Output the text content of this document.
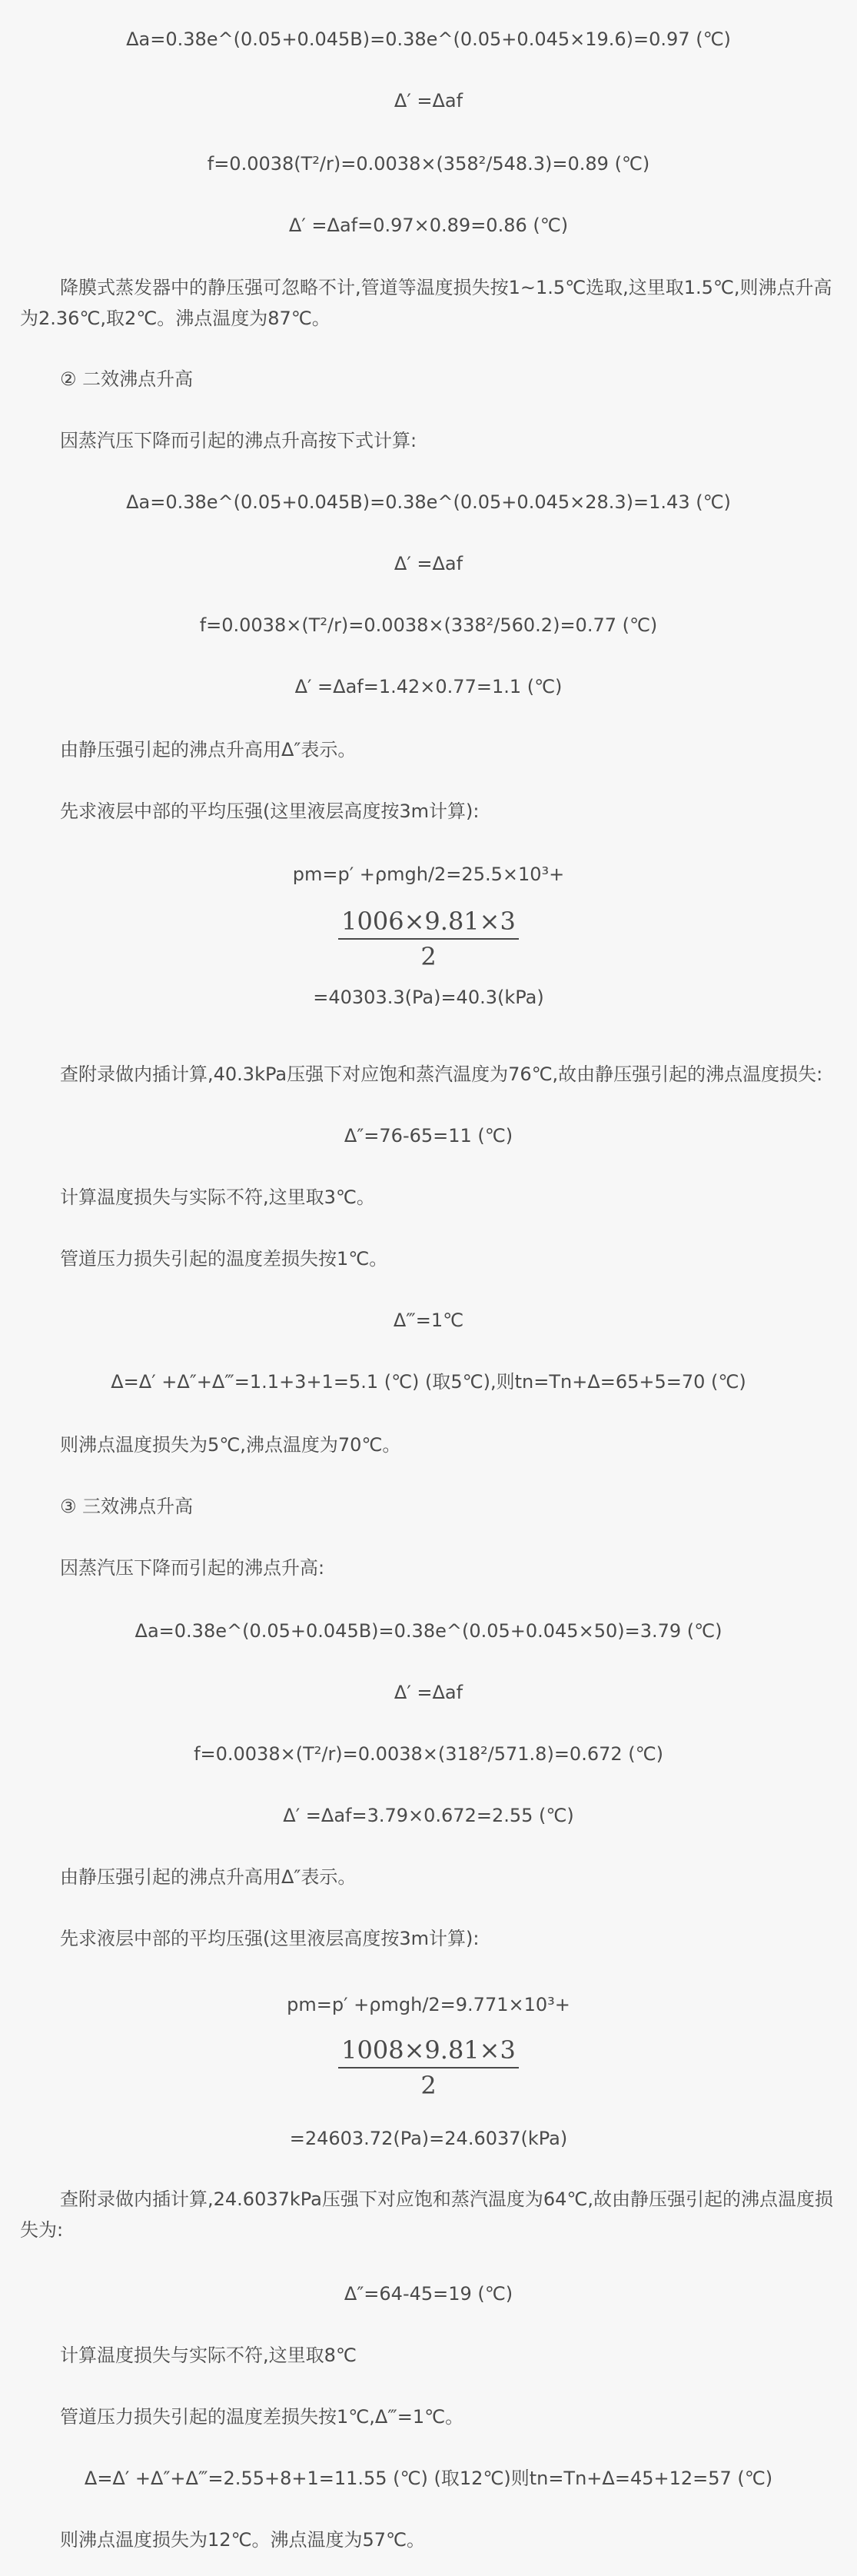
Δa=0.38e^(0.05+0.045B)=0.38e^(0.05+0.045×19.6)=0.97 (℃)
Δ′ =Δaf
f=0.0038(T²/r)=0.0038×(358²/548.3)=0.89 (℃)
Δ′ =Δaf=0.97×0.89=0.86 (℃)
降膜式蒸发器中的静压强可忽略不计,管道等温度损失按1~1.5℃选取,这里取1.5℃,则沸点升高为2.36℃,取2℃。沸点温度为87℃。
② 二效沸点升高
因蒸汽压下降而引起的沸点升高按下式计算:
Δa=0.38e^(0.05+0.045B)=0.38e^(0.05+0.045×28.3)=1.43 (℃)
Δ′ =Δaf
f=0.0038×(T²/r)=0.0038×(338²/560.2)=0.77 (℃)
Δ′ =Δaf=1.42×0.77=1.1 (℃)
由静压强引起的沸点升高用Δ″表示。
先求液层中部的平均压强(这里液层高度按3m计算):
pm=p′ +ρmgh/2=25.5×10³+
$\frac{1006\times 9.81\times 3}{2}$
=40303.3(Pa)=40.3(kPa)
查附录做内插计算,40.3kPa压强下对应饱和蒸汽温度为76℃,故由静压强引起的沸点温度损失:
Δ″=76-65=11 (℃)
计算温度损失与实际不符,这里取3℃。
管道压力损失引起的温度差损失按1℃。
Δ‴=1℃
Δ=Δ′ +Δ″+Δ‴=1.1+3+1=5.1 (℃) (取5℃),则tn=Tn+Δ=65+5=70 (℃)
则沸点温度损失为5℃,沸点温度为70℃。
③ 三效沸点升高
因蒸汽压下降而引起的沸点升高:
Δa=0.38e^(0.05+0.045B)=0.38e^(0.05+0.045×50)=3.79 (℃)
Δ′ =Δaf
f=0.0038×(T²/r)=0.0038×(318²/571.8)=0.672 (℃)
Δ′ =Δaf=3.79×0.672=2.55 (℃)
由静压强引起的沸点升高用Δ″表示。
先求液层中部的平均压强(这里液层高度按3m计算):
pm=p′ +ρmgh/2=9.771×10³+
$\frac{1008\times 9.81\times 3}{2}$
=24603.72(Pa)=24.6037(kPa)
查附录做内插计算,24.6037kPa压强下对应饱和蒸汽温度为64℃,故由静压强引起的沸点温度损失为:
Δ″=64-45=19 (℃)
计算温度损失与实际不符,这里取8℃
管道压力损失引起的温度差损失按1℃,Δ‴=1℃。
Δ=Δ′ +Δ″+Δ‴=2.55+8+1=11.55 (℃) (取12℃)则tn=Tn+Δ=45+12=57 (℃)
则沸点温度损失为12℃。沸点温度为57℃。
